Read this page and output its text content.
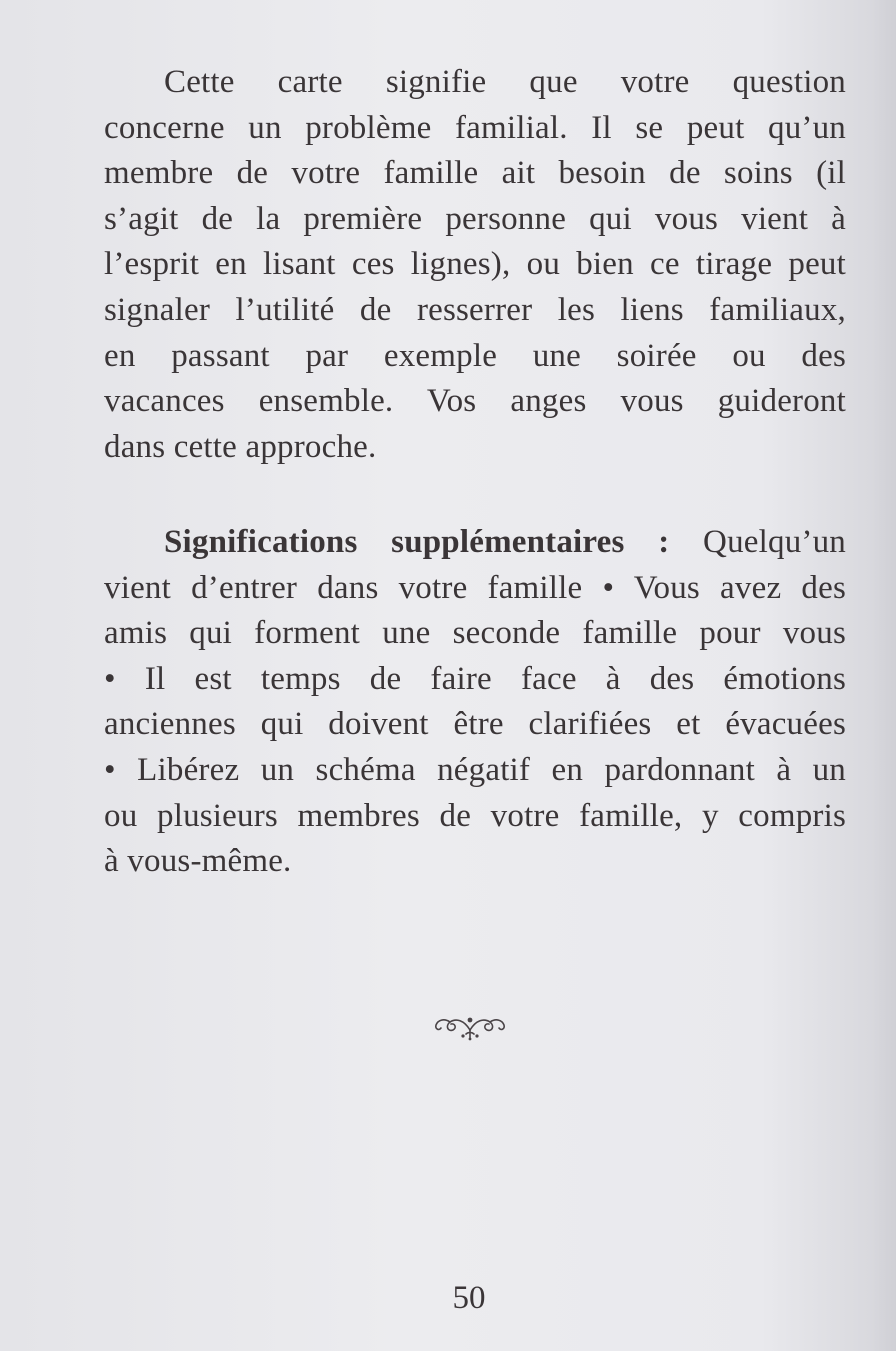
Cette carte signifie que votre question
concerne un problème familial. Il se peut qu’un
membre de votre famille ait besoin de soins (il
s’agit de la première personne qui vous vient à
l’esprit en lisant ces lignes), ou bien ce tirage peut
signaler l’utilité de resserrer les liens familiaux,
en passant par exemple une soirée ou des
vacances ensemble. Vos anges vous guideront
dans cette approche.
Significations supplémentaires : Quelqu’un
vient d’entrer dans votre famille • Vous avez des
amis qui forment une seconde famille pour vous
• Il est temps de faire face à des émotions
anciennes qui doivent être clarifiées et évacuées
• Libérez un schéma négatif en pardonnant à un
ou plusieurs membres de votre famille, y compris
à vous-même.
50
